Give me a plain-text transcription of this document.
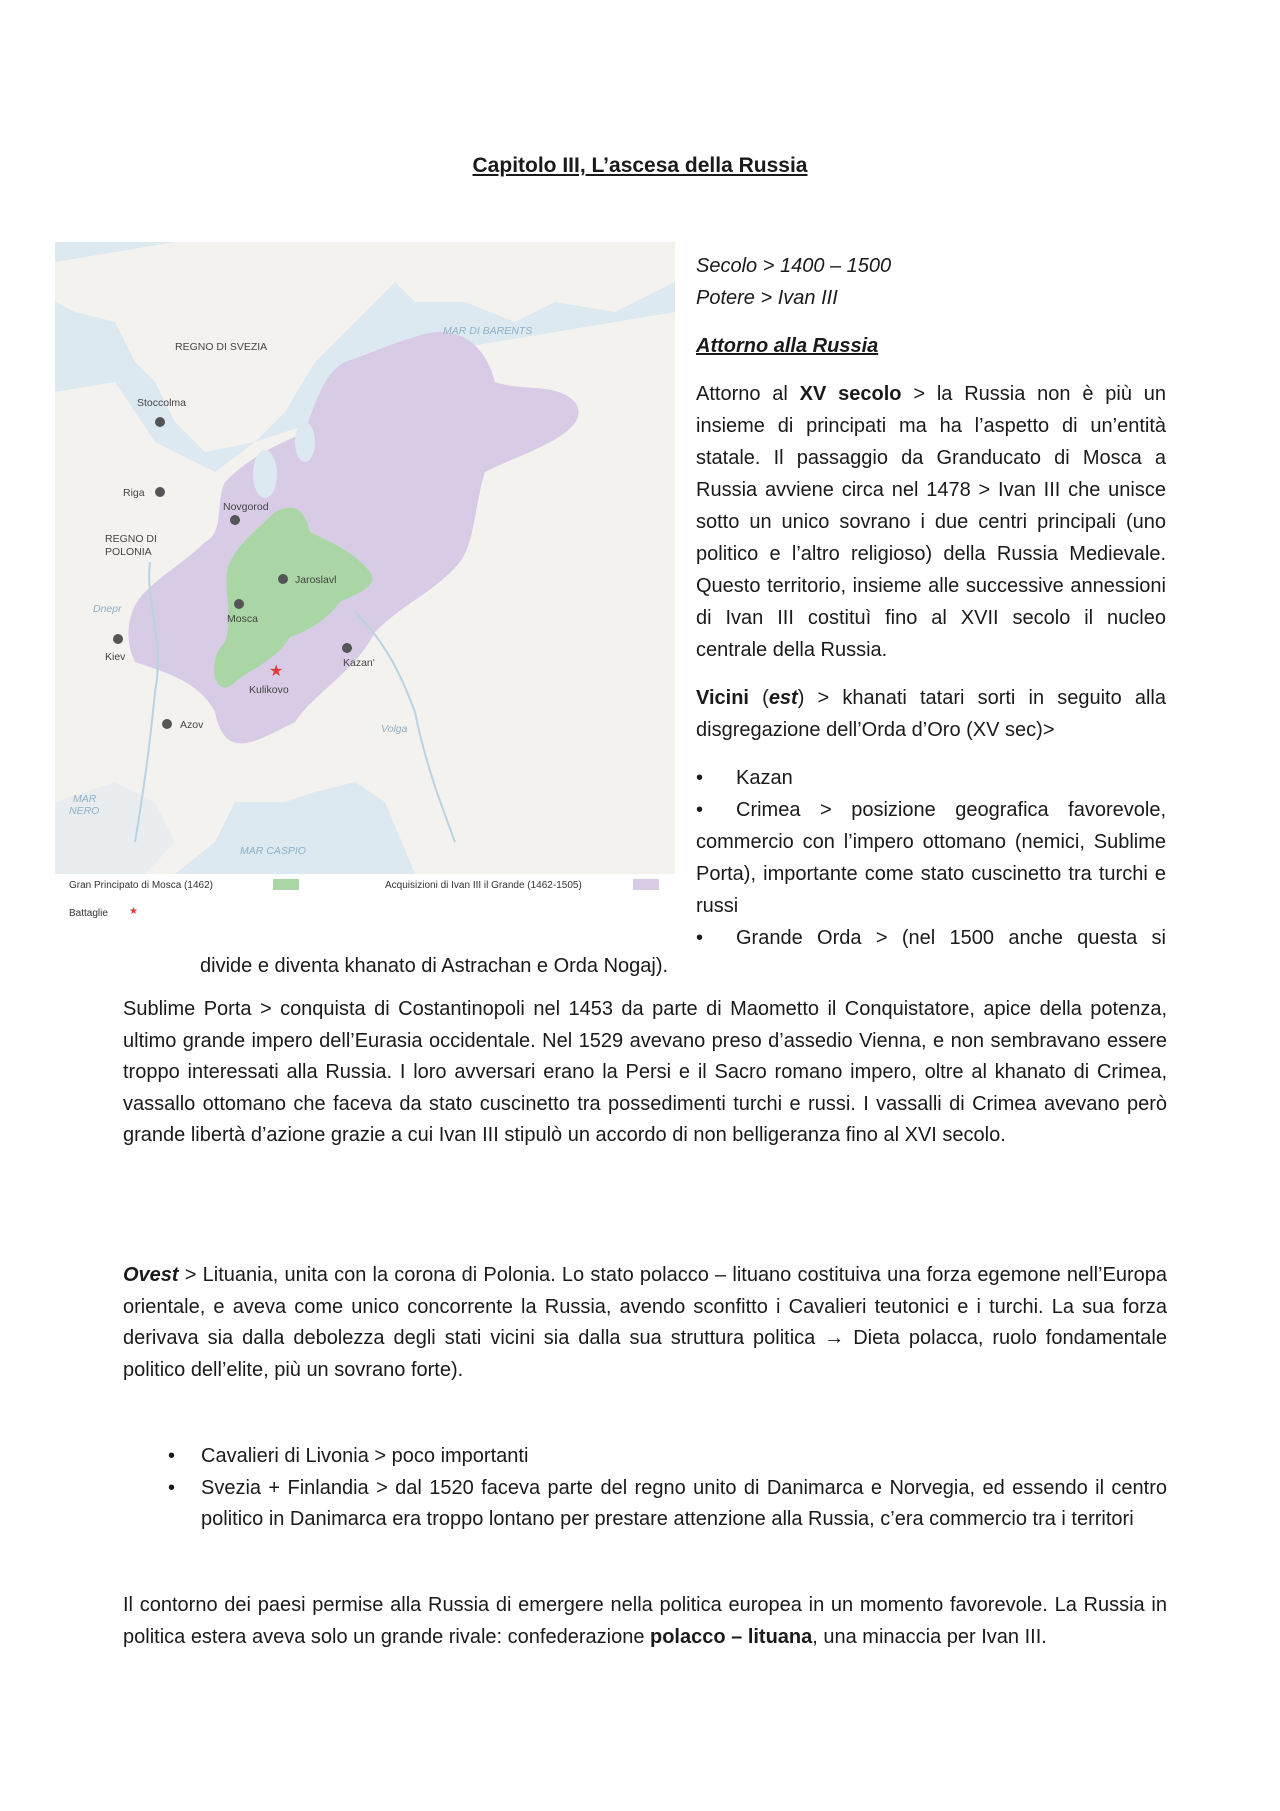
Capitolo III, L’ascesa della Russia
★
REGNO DI SVEZIA
MAR DI BARENTS
Stoccolma
Riga
Novgorod
REGNO DI
POLONIA
Jaroslavl
Mosca
Kiev
Kulikovo
Kazan'
Azov
MAR
NERO
MAR CASPIO
Volga
Dnepr
Gran Principato di Mosca (1462)	Acquisizioni di Ivan III il Grande (1462-1505)
Battaglie ★

Secolo > 1400 – 1500

Potere > Ivan III

Attorno alla Russia

Attorno al XV secolo > la Russia non è più un insieme di principati ma ha l’aspetto di un’entità statale. Il passaggio da Granducato di Mosca a Russia avviene circa nel 1478 > Ivan III che unisce sotto un unico sovrano i due centri principali (uno politico e l’altro religioso) della Russia Medievale. Questo territorio, insieme alle successive annessioni di Ivan III costituì fino al XVII secolo il nucleo centrale della Russia.

Vicini (est) > khanati tatari sorti in seguito alla disgregazione dell’Orda d’Oro (XV sec)>

• Kazan

• Crimea > posizione geografica favorevole, commercio con l’impero ottomano (nemici, Sublime Porta), importante come stato cuscinetto tra turchi e russi

• Grande Orda > (nel 1500 anche questa si

divide e diventa khanato di Astrachan e Orda Nogaj).

Sublime Porta > conquista di Costantinopoli nel 1453 da parte di Maometto il Conquistatore, apice della potenza, ultimo grande impero dell’Eurasia occidentale. Nel 1529 avevano preso d’assedio Vienna, e non sembravano essere troppo interessati alla Russia. I loro avversari erano la Persi e il Sacro romano impero, oltre al khanato di Crimea, vassallo ottomano che faceva da stato cuscinetto tra possedimenti turchi e russi. I vassalli di Crimea avevano però grande libertà d’azione grazie a cui Ivan III stipulò un accordo di non belligeranza fino al XVI secolo.

Ovest > Lituania, unita con la corona di Polonia. Lo stato polacco – lituano costituiva una forza egemone nell’Europa orientale, e aveva come unico concorrente la Russia, avendo sconfitto i Cavalieri teutonici e i turchi. La sua forza derivava sia dalla debolezza degli stati vicini sia dalla sua struttura politica → Dieta polacca, ruolo fondamentale politico dell’elite, più un sovrano forte).

• Cavalieri di Livonia > poco importanti
• Svezia + Finlandia > dal 1520 faceva parte del regno unito di Danimarca e Norvegia, ed essendo il centro politico in Danimarca era troppo lontano per prestare attenzione alla Russia, c’era commercio tra i territori

Il contorno dei paesi permise alla Russia di emergere nella politica europea in un momento favorevole. La Russia in politica estera aveva solo un grande rivale: confederazione polacco – lituana, una minaccia per Ivan III.
